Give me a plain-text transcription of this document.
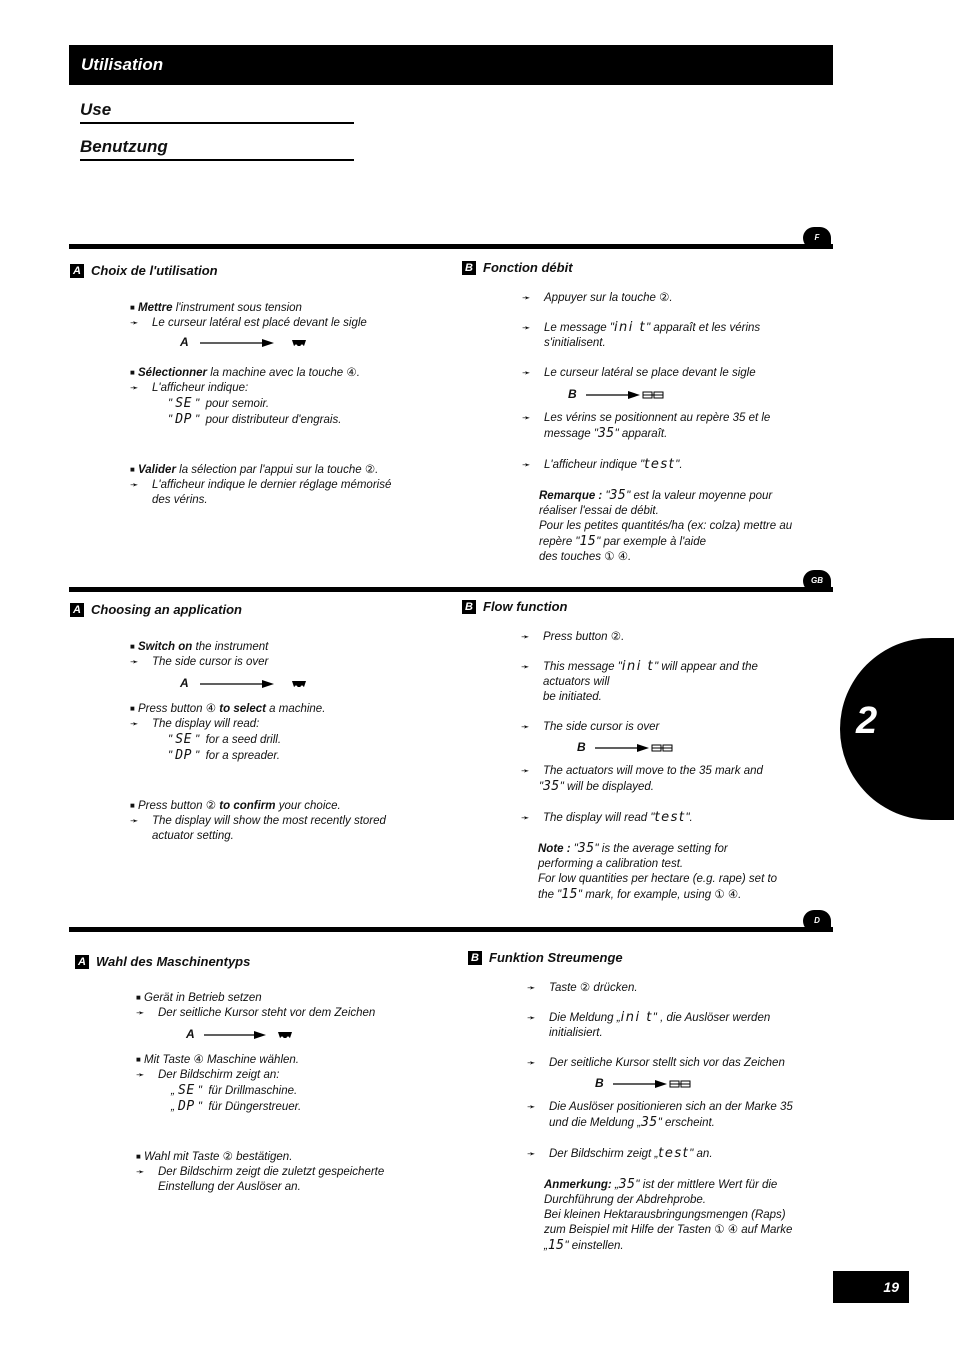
Utilisation
Use
Benutzung
2
F
A Choix de l'utilisation
■ Mettre l'instrument sous tension
➛ Le curseur latéral est placé devant le sigle
A
■ Sélectionner la machine avec la touche ④.
➛ L'afficheur indique:
" SE "  pour semoir.
" DP "  pour distributeur d'engrais.
■ Valider la sélection par l'appui sur la touche ②.
➛ L'afficheur indique le dernier réglage mémorisé
des vérins.
B Fonction débit
➛ Appuyer sur la touche ②.
➛ Le message "ini t" apparaît et les vérins
s'initialisent.
➛ Le curseur latéral se place devant le sigle
B
➛ Les vérins se positionnent au repère 35 et le
message "35" apparaît.
➛ L'afficheur indique "test".
Remarque : "35" est la valeur moyenne pour
réaliser l'essai de débit.
Pour les petites quantités/ha (ex: colza) mettre au
repère "15" par exemple à l'aide
des touches ① ④.
GB
A Choosing an application
■ Switch on the instrument
➛ The side cursor is over
A
■ Press button ④ to select a machine.
➛ The display will read:
" SE "  for a seed drill.
" DP "  for a spreader.
■ Press button ② to confirm your choice.
➛ The display will show the most recently stored
actuator setting.
B Flow function
➛ Press button ②.
➛ This message "ini t" will appear and the
actuators will
be initiated.
➛ The side cursor is over
B
➛ The actuators will move to the 35 mark and
"35" will be displayed.
➛ The display will read "test".
Note : "35" is the average setting for
performing a calibration test.
For low quantities per hectare (e.g. rape) set to
the "15" mark, for example, using ① ④.
D
A Wahl des Maschinentyps
■ Gerät in Betrieb setzen
➛ Der seitliche Kursor steht vor dem Zeichen
A
■ Mit Taste ④ Maschine wählen.
➛ Der Bildschirm zeigt an:
„ SE "  für Drillmaschine.
„ DP "  für Düngerstreuer.
■ Wahl mit Taste ② bestätigen.
➛ Der Bildschirm zeigt die zuletzt gespeicherte
Einstellung der Auslöser an.
B Funktion Streumenge
➛ Taste ② drücken.
➛ Die Meldung „ini t" , die Auslöser werden
initialisiert.
➛ Der seitliche Kursor stellt sich vor das Zeichen
B
➛ Die Auslöser positionieren sich an der Marke 35
und die Meldung „35" erscheint.
➛ Der Bildschirm zeigt „test" an.
Anmerkung: „35" ist der mittlere Wert für die
Durchführung der Abdrehprobe.
Bei kleinen Hektarausbringungsmengen (Raps)
zum Beispiel mit Hilfe der Tasten ① ④ auf Marke
„15" einstellen.
19
